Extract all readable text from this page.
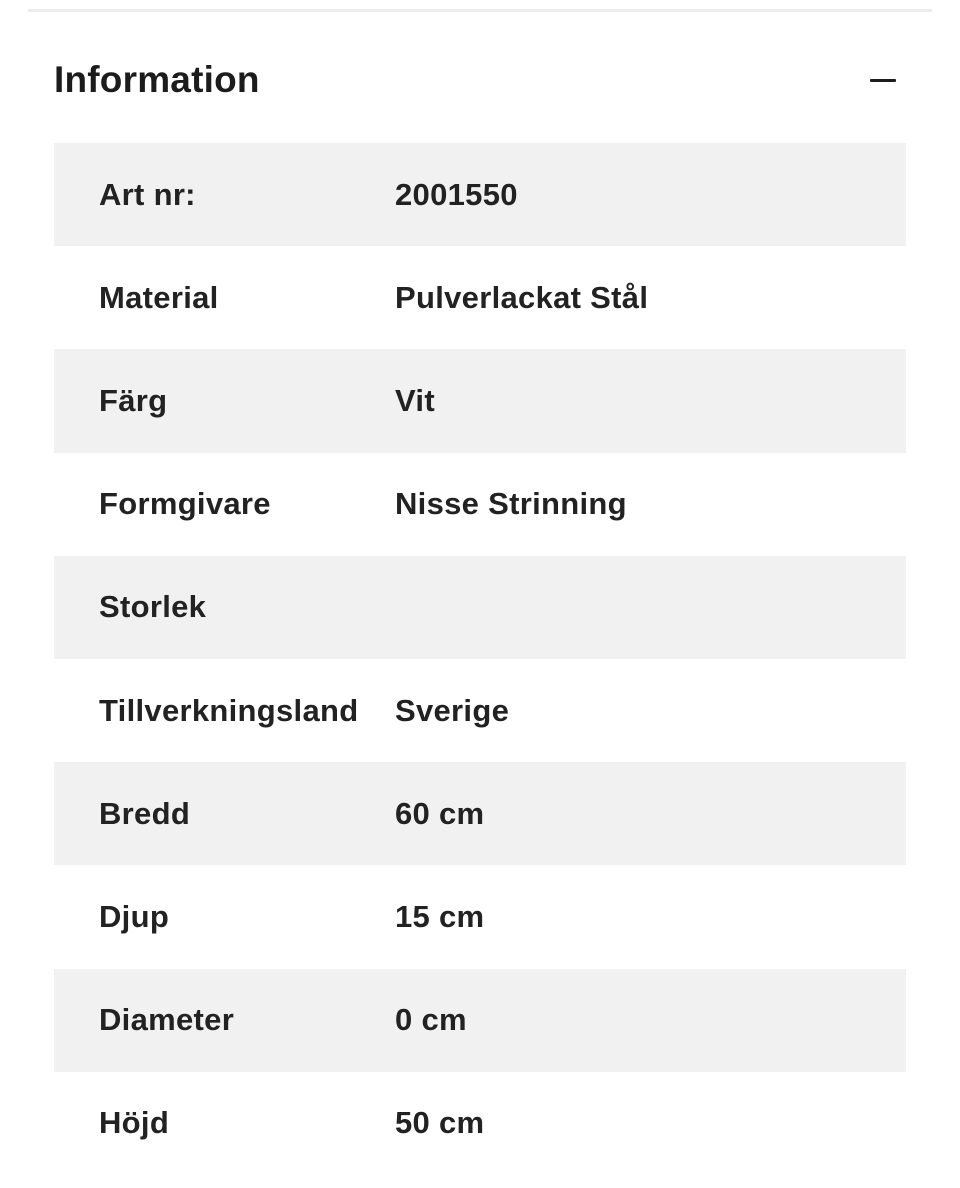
Information
Art nr:	2001550
Material	Pulverlackat Stål
Färg	Vit
Formgivare	Nisse Strinning
Storlek
Tillverkningsland	Sverige
Bredd	60 cm
Djup	15 cm
Diameter	0 cm
Höjd	50 cm
